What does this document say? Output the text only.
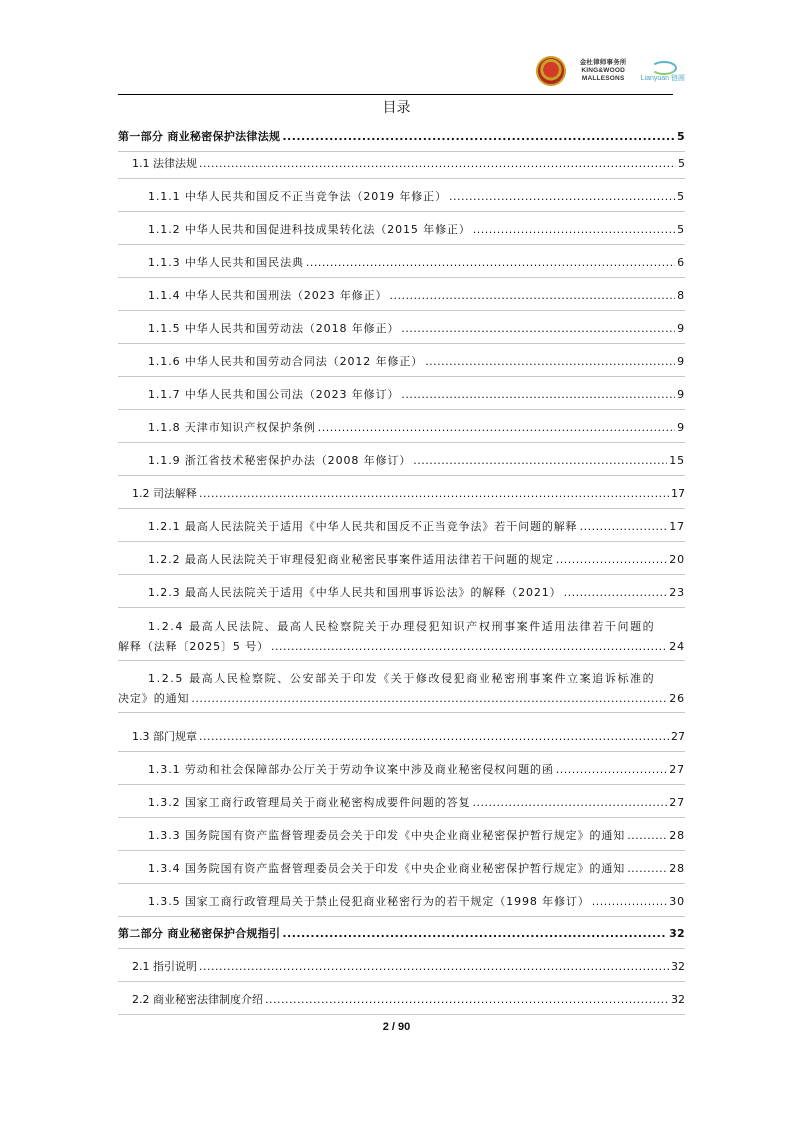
金杜律师事务所
KING&WOOD
MALLESONS Lianyuan 链圆
目录
第一部分 商业秘密保护法律法规 .....	5
1.1 法律法规 .....	5
1.1.1 中华人民共和国反不正当竞争法（2019 年修正） .....	5
1.1.2 中华人民共和国促进科技成果转化法（2015 年修正） .....	5
1.1.3 中华人民共和国民法典 .....	6
1.1.4 中华人民共和国刑法（2023 年修正） .....	8
1.1.5 中华人民共和国劳动法（2018 年修正） .....	9
1.1.6 中华人民共和国劳动合同法（2012 年修正） .....	9
1.1.7 中华人民共和国公司法（2023 年修订） .....	9
1.1.8 天津市知识产权保护条例 .....	9
1.1.9 浙江省技术秘密保护办法（2008 年修订） .....	15
1.2 司法解释 .....	17
1.2.1 最高人民法院关于适用《中华人民共和国反不正当竞争法》若干问题的解释 .....	17
1.2.2 最高人民法院关于审理侵犯商业秘密民事案件适用法律若干问题的规定 .....	20
1.2.3 最高人民法院关于适用《中华人民共和国刑事诉讼法》的解释（2021） .....	23
1.2.4 最高人民法院、最高人民检察院关于办理侵犯知识产权刑事案件适用法律若干问题的
解释（法释〔2025〕5 号） .....	24
1.2.5 最高人民检察院、公安部关于印发《关于修改侵犯商业秘密刑事案件立案追诉标准的
决定》的通知 .....	26
1.3 部门规章 .....	27
1.3.1 劳动和社会保障部办公厅关于劳动争议案中涉及商业秘密侵权问题的函 .....	27
1.3.2 国家工商行政管理局关于商业秘密构成要件问题的答复 .....	27
1.3.3 国务院国有资产监督管理委员会关于印发《中央企业商业秘密保护暂行规定》的通知 .....	28
1.3.4 国务院国有资产监督管理委员会关于印发《中央企业商业秘密保护暂行规定》的通知 .....	28
1.3.5 国家工商行政管理局关于禁止侵犯商业秘密行为的若干规定（1998 年修订） .....	30
第二部分 商业秘密保护合规指引 .....	32
2.1 指引说明 .....	32
2.2 商业秘密法律制度介绍 .....	32
2 / 90
